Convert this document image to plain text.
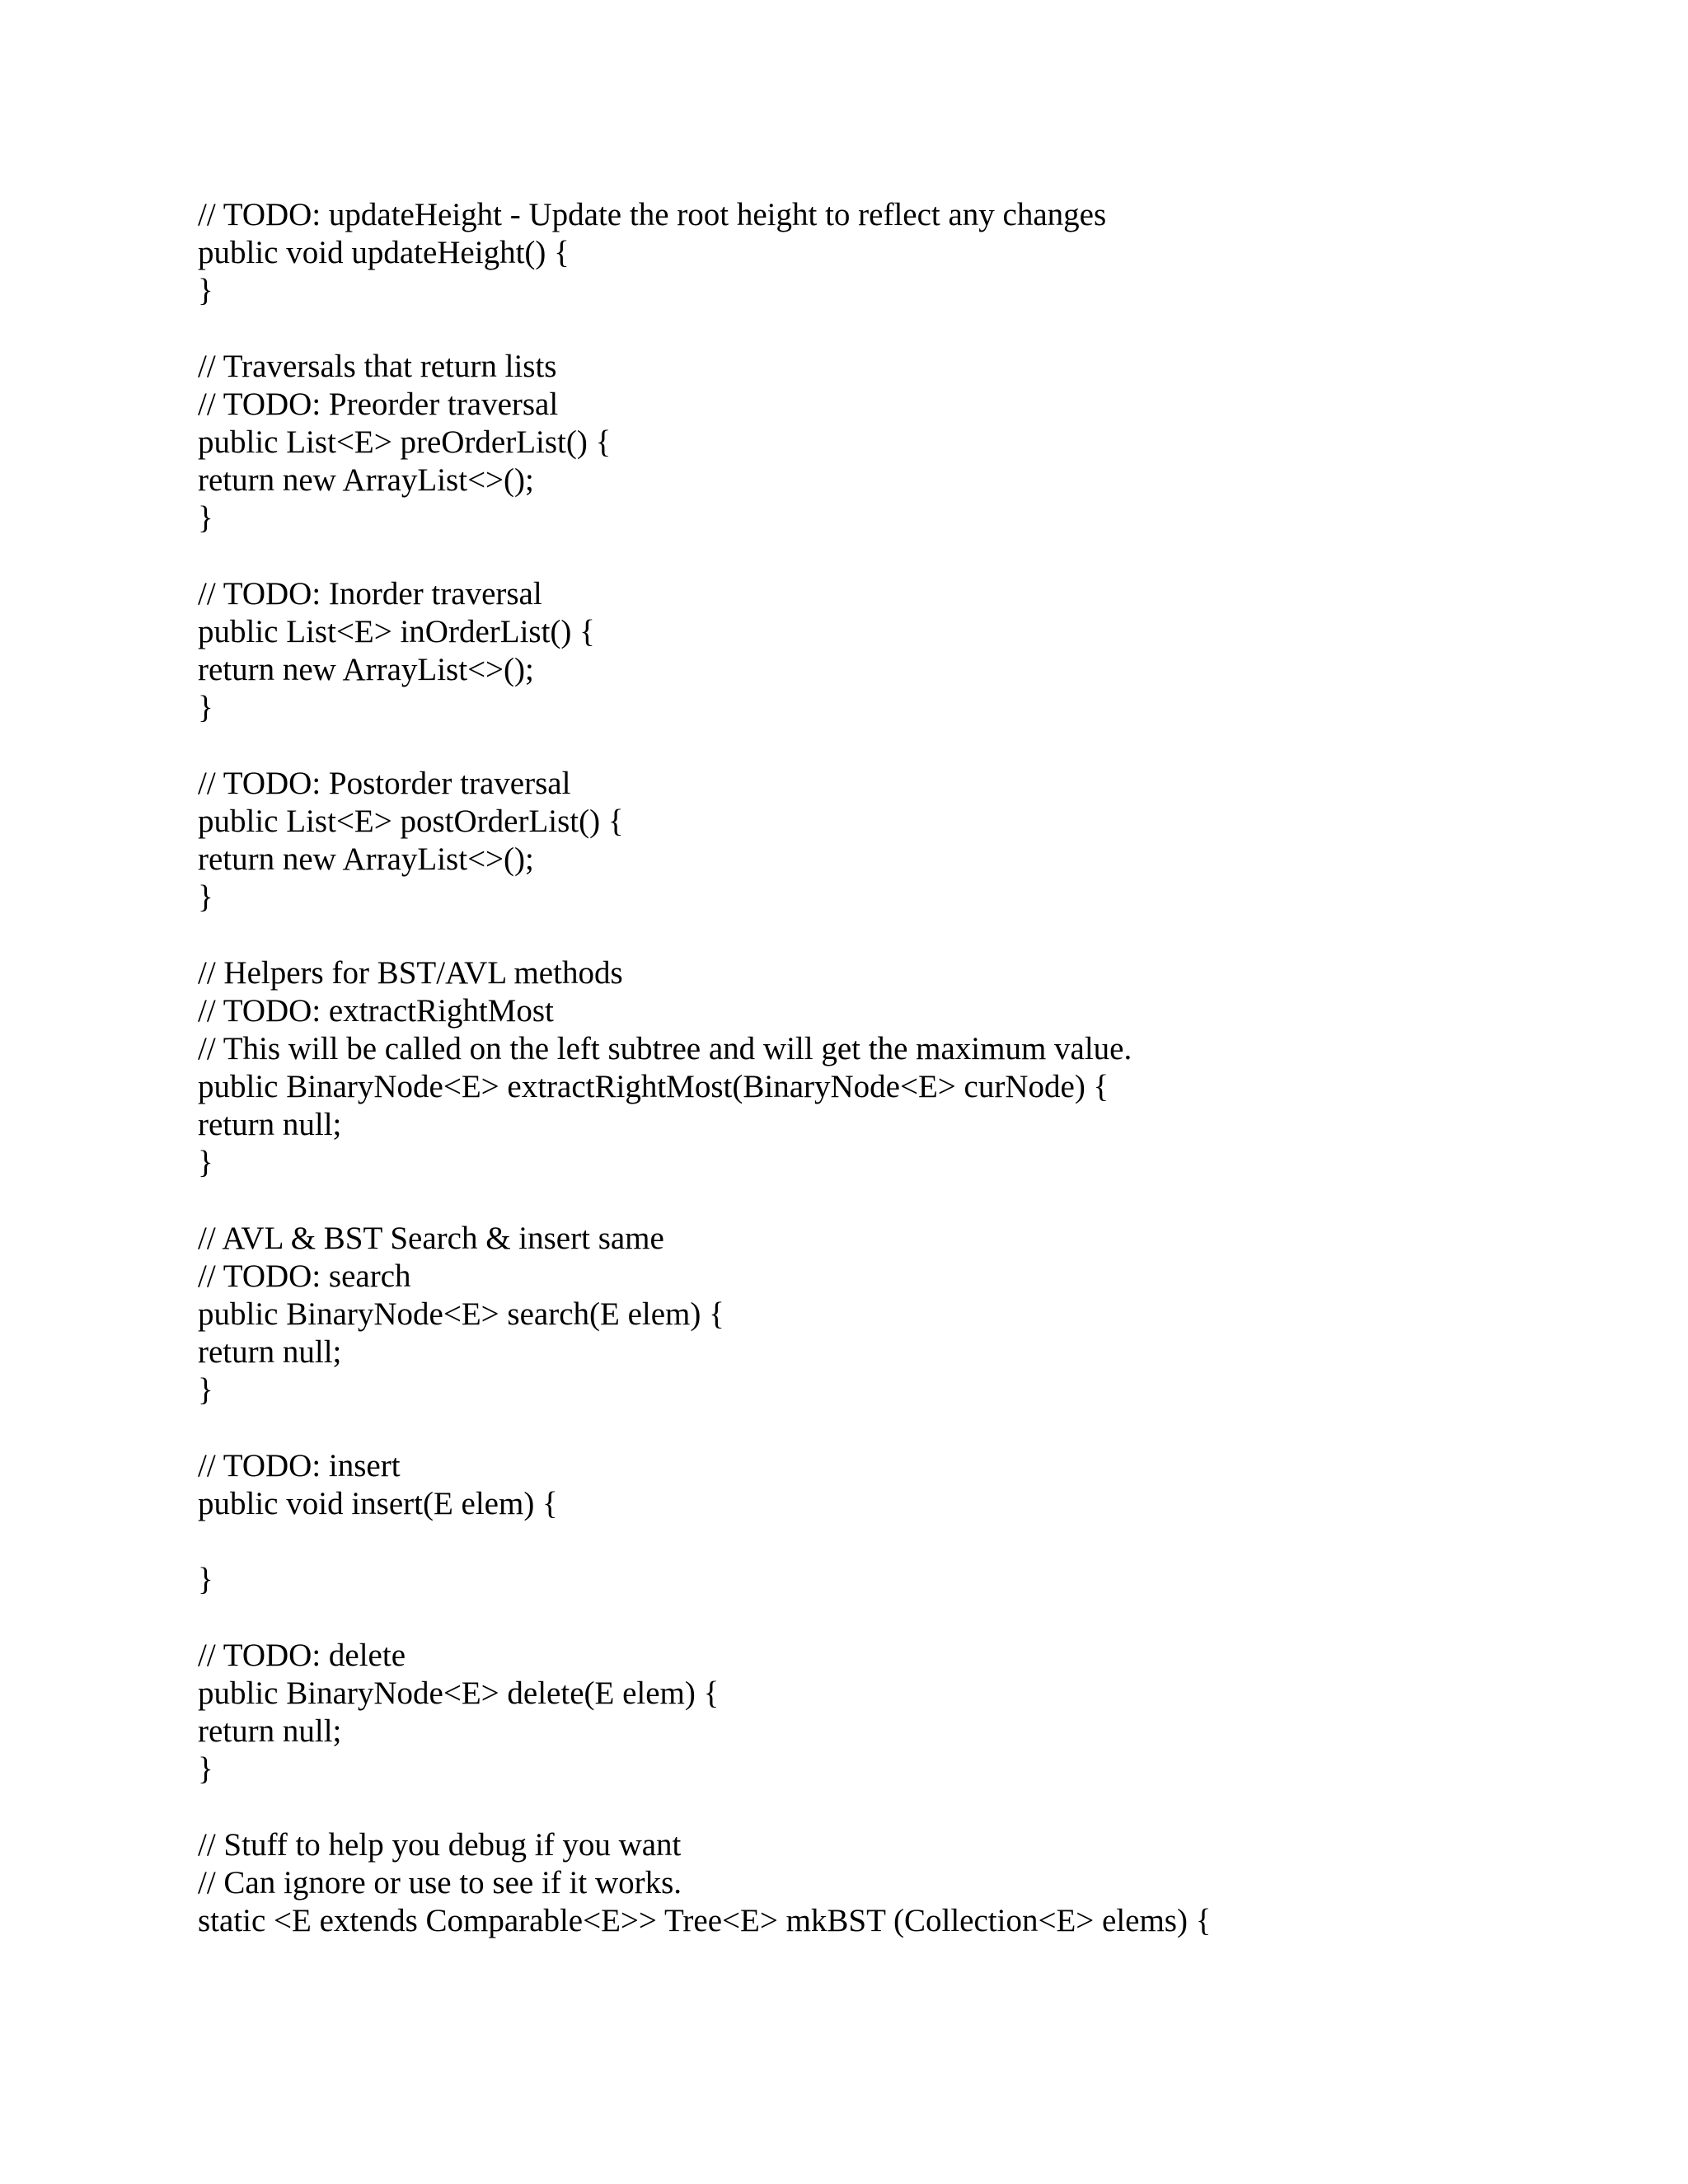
// TODO: updateHeight - Update the root height to reflect any changes
public void updateHeight() {
}
// Traversals that return lists
// TODO: Preorder traversal
public List<E> preOrderList() {
return new ArrayList<>();
}
// TODO: Inorder traversal
public List<E> inOrderList() {
return new ArrayList<>();
}
// TODO: Postorder traversal
public List<E> postOrderList() {
return new ArrayList<>();
}
// Helpers for BST/AVL methods
// TODO: extractRightMost
// This will be called on the left subtree and will get the maximum value.
public BinaryNode<E> extractRightMost(BinaryNode<E> curNode) {
return null;
}
// AVL & BST Search & insert same
// TODO: search
public BinaryNode<E> search(E elem) {
return null;
}
// TODO: insert
public void insert(E elem) {
}
// TODO: delete
public BinaryNode<E> delete(E elem) {
return null;
}
// Stuff to help you debug if you want
// Can ignore or use to see if it works.
static <E extends Comparable<E>> Tree<E> mkBST (Collection<E> elems) {
